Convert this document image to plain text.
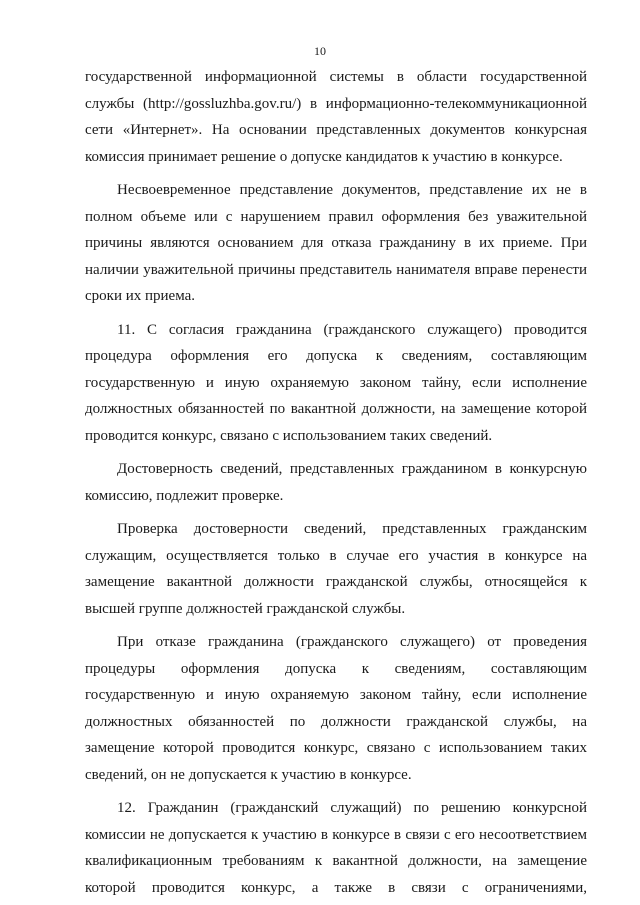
10

государственной информационной системы в области государственной службы (http://gossluzhba.gov.ru/) в информационно-телекоммуникационной сети «Интернет». На основании представленных документов конкурсная комиссия принимает решение о допуске кандидатов к участию в конкурсе.

Несвоевременное представление документов, представление их не в полном объеме или с нарушением правил оформления без уважительной причины являются основанием для отказа гражданину в их приеме. При наличии уважительной причины представитель нанимателя вправе перенести сроки их приема.

11. С согласия гражданина (гражданского служащего) проводится процедура оформления его допуска к сведениям, составляющим государственную и иную охраняемую законом тайну, если исполнение должностных обязанностей по вакантной должности, на замещение которой проводится конкурс, связано с использованием таких сведений.

Достоверность сведений, представленных гражданином в конкурсную комиссию, подлежит проверке.

Проверка достоверности сведений, представленных гражданским служащим, осуществляется только в случае его участия в конкурсе на замещение вакантной должности гражданской службы, относящейся к высшей группе должностей гражданской службы.

При отказе гражданина (гражданского служащего) от проведения процедуры оформления допуска к сведениям, составляющим государственную и иную охраняемую законом тайну, если исполнение должностных обязанностей по должности гражданской службы, на замещение которой проводится конкурс, связано с использованием таких сведений, он не допускается к участию в конкурсе.

12. Гражданин (гражданский служащий) по решению конкурсной комиссии не допускается к участию в конкурсе в связи с его несоответствием квалификационным требованиям к вакантной должности, на замещение которой проводится конкурс, а также в связи с ограничениями,
